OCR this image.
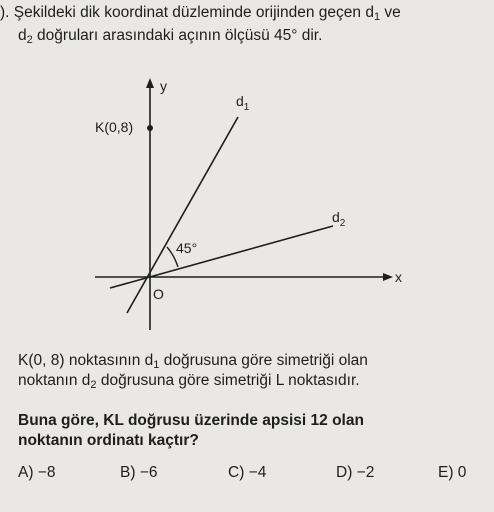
). Şekildeki dik koordinat düzleminde orijinden geçen $d_1$ ve
$d_2$ doğruları arasındaki açının ölçüsü 45° dir.
y
x
O
K(0,8)
45°
$d_1$
$d_2$
K(0, 8) noktasının $d_1$ doğrusuna göre simetriği olan
noktanın $d_2$ doğrusuna göre simetriği L noktasıdır.
Buna göre, KL doğrusu üzerinde apsisi 12 olan
noktanın ordinatı kaçtır?
A) −8	B) −6	C) −4	D) −2	E) 0
